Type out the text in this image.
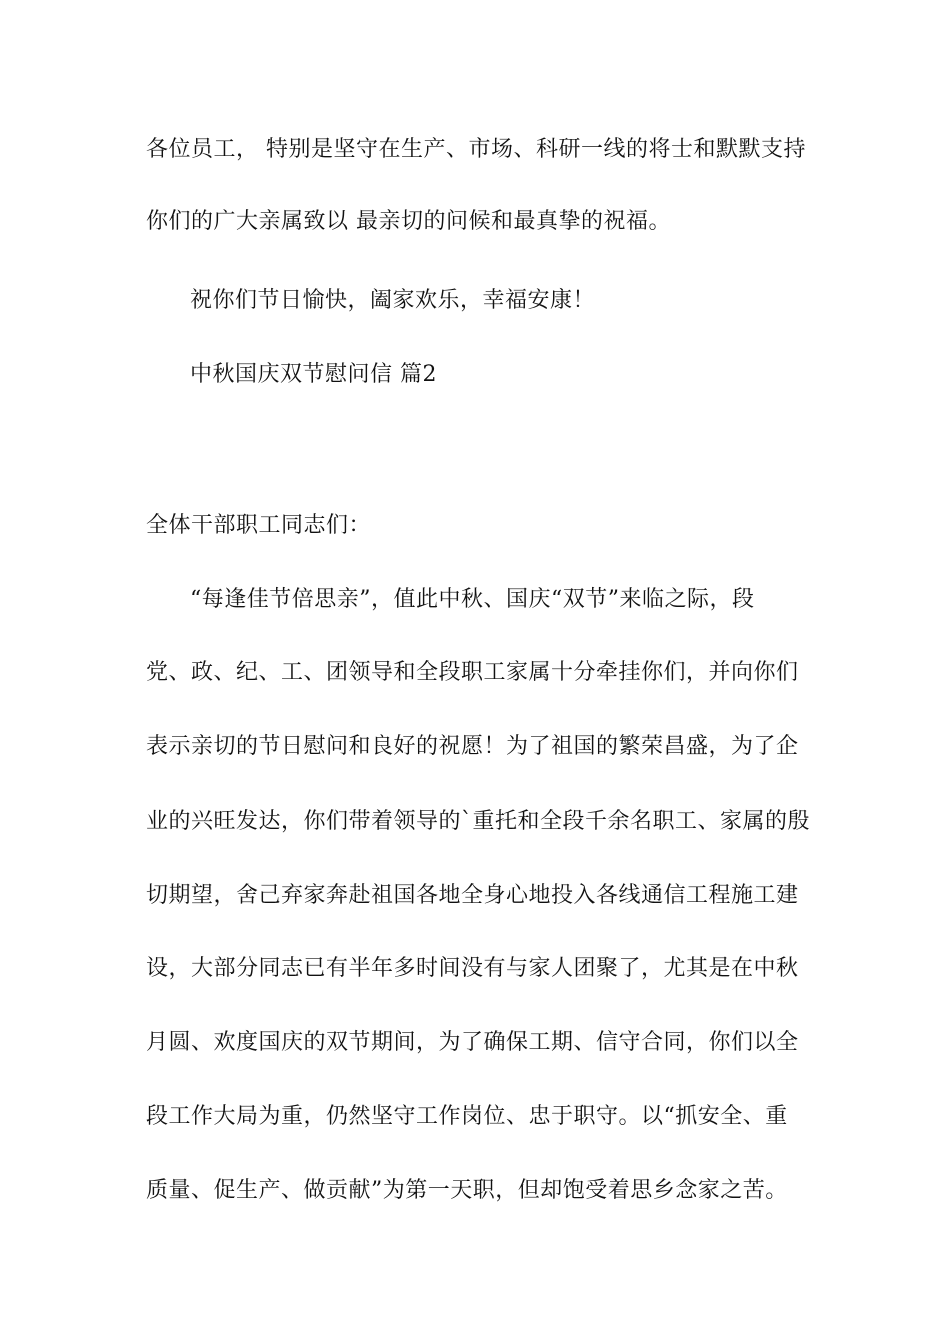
各位员工， 特别是坚守在生产、市场、科研一线的将士和默默支持

你们的广大亲属致以 最亲切的问候和最真挚的祝福。

祝你们节日愉快，阖家欢乐，幸福安康！

中秋国庆双节慰问信 篇2

全体干部职工同志们：

“每逢佳节倍思亲”，值此中秋、国庆“双节”来临之际，段

党、政、纪、工、团领导和全段职工家属十分牵挂你们，并向你们

表示亲切的节日慰问和良好的祝愿！为了祖国的繁荣昌盛，为了企

业的兴旺发达，你们带着领导的`重托和全段千余名职工、家属的殷

切期望，舍己弃家奔赴祖国各地全身心地投入各线通信工程施工建

设，大部分同志已有半年多时间没有与家人团聚了，尤其是在中秋

月圆、欢度国庆的双节期间，为了确保工期、信守合同，你们以全

段工作大局为重，仍然坚守工作岗位、忠于职守。以“抓安全、重

质量、促生产、做贡献”为第一天职，但却饱受着思乡念家之苦。
